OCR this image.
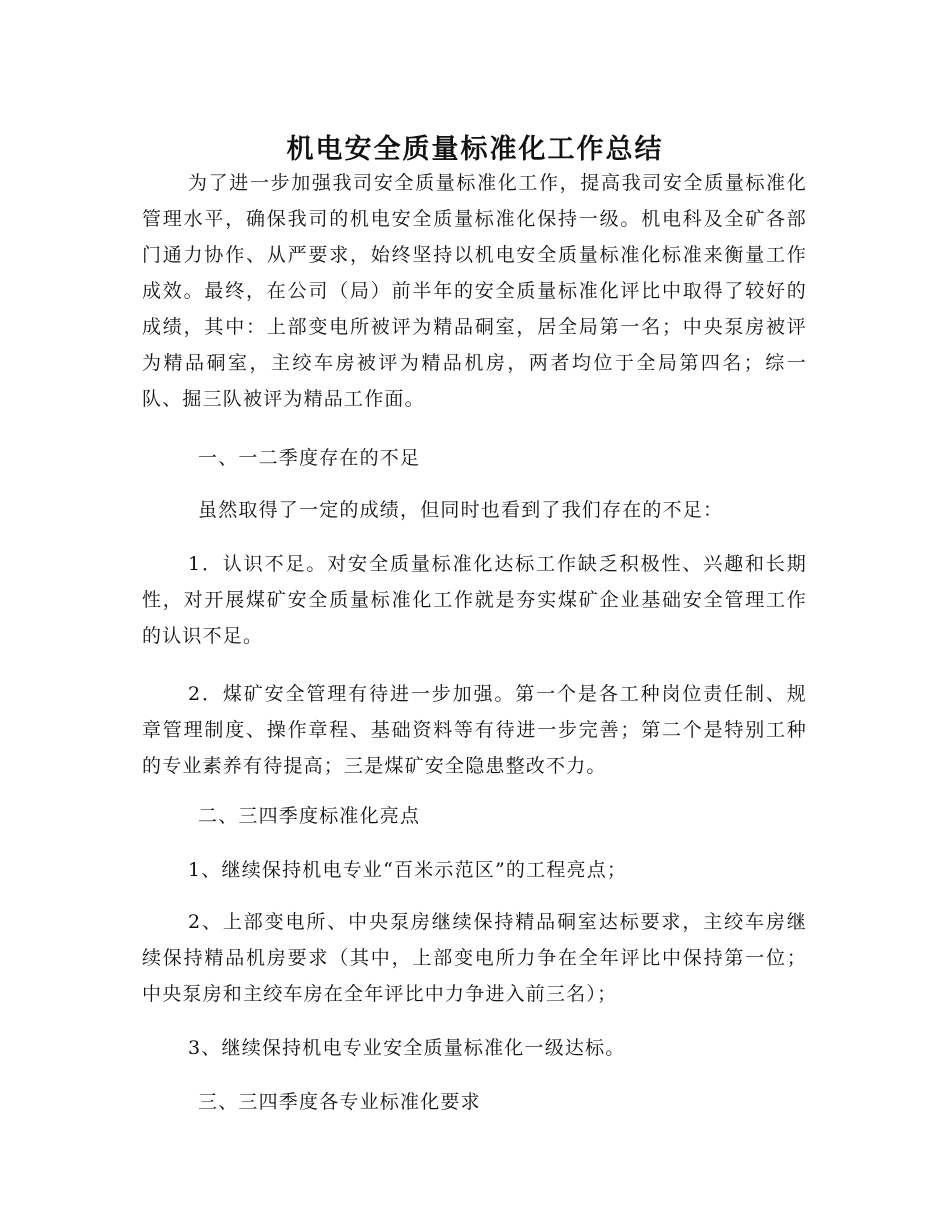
机电安全质量标准化工作总结

为了进一步加强我司安全质量标准化工作，提高我司安全质量标准化管理水平，确保我司的机电安全质量标准化保持一级。机电科及全矿各部门通力协作、从严要求，始终坚持以机电安全质量标准化标准来衡量工作成效。最终，在公司（局）前半年的安全质量标准化评比中取得了较好的成绩，其中：上部变电所被评为精品硐室，居全局第一名；中央泵房被评为精品硐室，主绞车房被评为精品机房，两者均位于全局第四名；综一队、掘三队被评为精品工作面。

一、一二季度存在的不足

虽然取得了一定的成绩，但同时也看到了我们存在的不足：

1．认识不足。对安全质量标准化达标工作缺乏积极性、兴趣和长期性，对开展煤矿安全质量标准化工作就是夯实煤矿企业基础安全管理工作的认识不足。

2．煤矿安全管理有待进一步加强。第一个是各工种岗位责任制、规章管理制度、操作章程、基础资料等有待进一步完善；第二个是特别工种的专业素养有待提高；三是煤矿安全隐患整改不力。

二、三四季度标准化亮点

1、继续保持机电专业“百米示范区”的工程亮点；

2、上部变电所、中央泵房继续保持精品硐室达标要求，主绞车房继续保持精品机房要求（其中，上部变电所力争在全年评比中保持第一位；中央泵房和主绞车房在全年评比中力争进入前三名）；

3、继续保持机电专业安全质量标准化一级达标。

三、三四季度各专业标准化要求
